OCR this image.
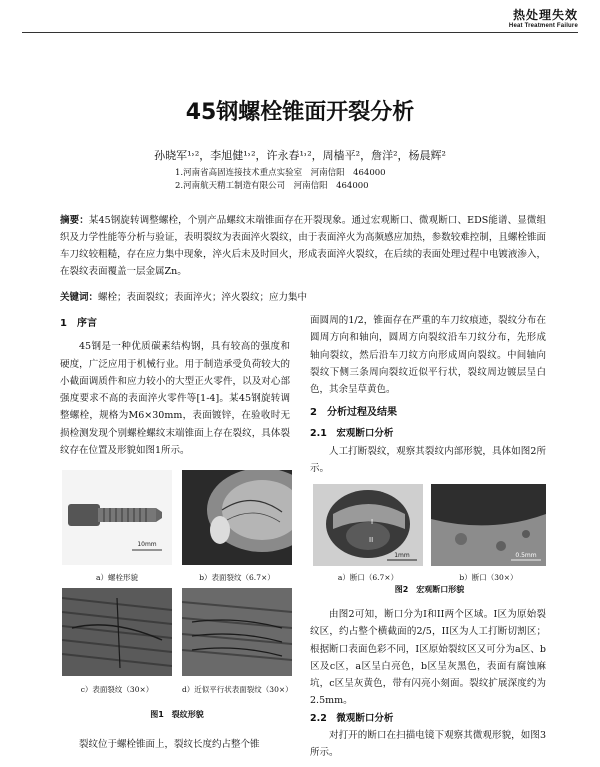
热处理失效
Heat Treatment Failure
45钢螺栓锥面开裂分析
孙晓军¹˒²，李旭健¹˒²，许永春¹˒²，周樯平²，詹洋²，杨晨辉²
1.河南省高固连接技术重点实验室　河南信阳　464000
2.河南航天精工制造有限公司　河南信阳　464000
摘要：某45钢旋转调整螺栓，个别产品螺纹末端锥面存在开裂现象。通过宏观断口、微观断口、EDS能谱、显微组织及力学性能等分析与验证，表明裂纹为表面淬火裂纹，由于表面淬火为高频感应加热，参数较难控制，且螺栓锥面车刀纹较粗糙，存在应力集中现象，淬火后未及时回火，形成表面淬火裂纹，在后续的表面处理过程中电镀液渗入，在裂纹表面覆盖一层金属Zn。
关键词：螺栓；表面裂纹；表面淬火；淬火裂纹；应力集中
1　序言
45钢是一种优质碳素结构钢，具有较高的强度和硬度，广泛应用于机械行业。用于制造承受负荷较大的小截面调质件和应力较小的大型正火零件，以及对心部强度要求不高的表面淬火零件等[1-4]。某45钢旋转调整螺栓，规格为M6×30mm，表面镀锌，在验收时无损检测发现个别螺栓螺纹末端锥面上存在裂纹，具体裂纹存在位置及形貌如图1所示。
10mm
a）螺栓形貌	b）表面裂纹（6.7×）
c）表面裂纹（30×）	d）近似平行状表面裂纹（30×）
图1　裂纹形貌
裂纹位于螺栓锥面上，裂纹长度约占整个锥
面圆周的1/2，锥面存在严重的车刀纹痕迹，裂纹分布在圆周方向和轴向，圆周方向裂纹沿车刀纹分布，先形成轴向裂纹，然后沿车刀纹方向形成周向裂纹。中间轴向裂纹下侧三条周向裂纹近似平行状，裂纹周边镀层呈白色，其余呈草黄色。
2　分析过程及结果
2.1　宏观断口分析
人工打断裂纹，观察其裂纹内部形貌，具体如图2所示。
I
II
1mm
a）断口（6.7×）
0.5mm
b）断口（30×）
图2　宏观断口形貌
由图2可知，断口分为I和II两个区域。I区为原始裂纹区，约占整个横截面的2/5，II区为人工打断切割区；根据断口表面色彩不同，I区原始裂纹区又可分为a区、b区及c区，a区呈白亮色，b区呈灰黑色，表面有腐蚀麻坑，c区呈灰黄色，带有闪亮小刻面。裂纹扩展深度约为2.5mm。
2.2　微观断口分析
对打开的断口在扫描电镜下观察其微观形貌，如图3所示。
